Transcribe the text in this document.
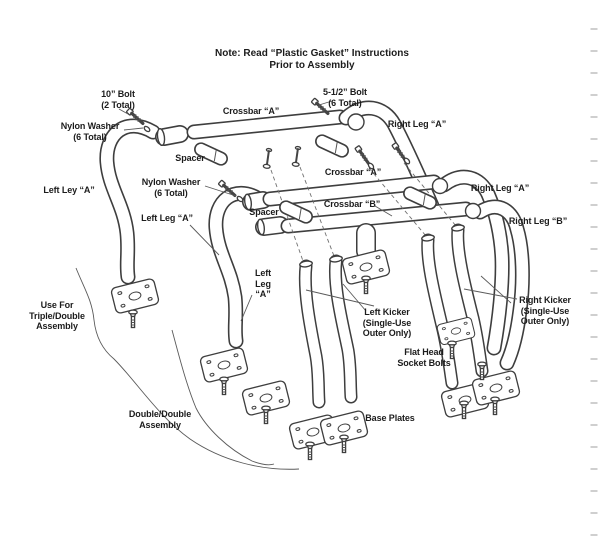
Note: Read “Plastic Gasket” Instructions
Prior to Assembly
10” Bolt
(2 Total)
5-1/2” Bolt
(6 Total)
Crossbar “A”
Nylon Washer
(6 Total)
Right Leg “A”
Spacer
Crossbar “A”
Nylon Washer
(6 Total)	Right Leg “A”
Left Ley “A”
Left Leg “A”
Spacer
Crossbar “B”
Right Leg “B”
Left
Leg
“A”
Use For
Triple/Double
Assembly
Left Kicker
(Single-Use
Outer Only)
Right Kicker
(Single-Use
Outer Only)
Flat Head
Socket Bolts
Double/Double
Assembly
Base Plates
